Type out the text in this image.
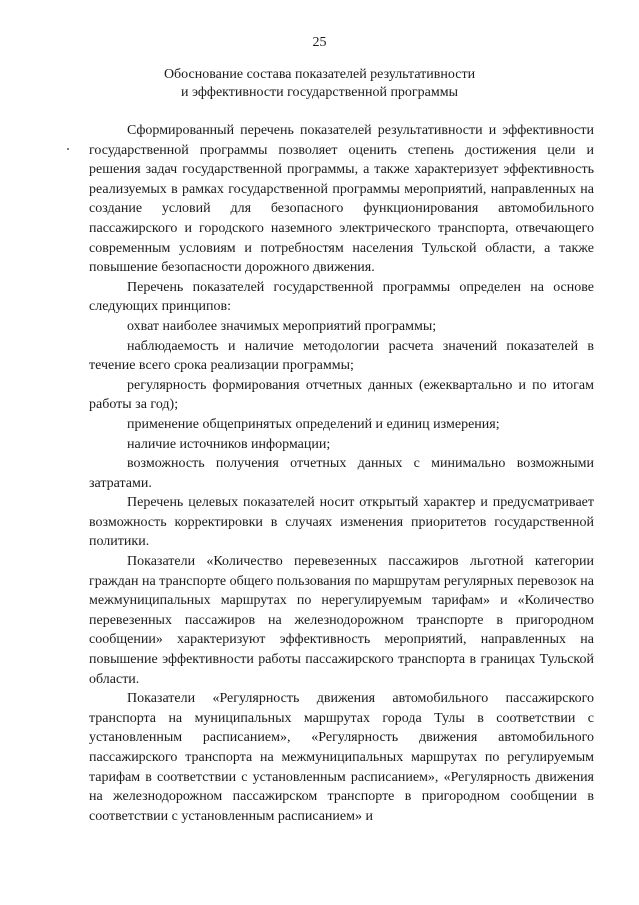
25
Обоснование состава показателей результативности
и эффективности государственной программы

Сформированный перечень показателей результативности и эффективности государственной программы позволяет оценить степень достижения цели и решения задач государственной программы, а также характеризует эффективность реализуемых в рамках государственной программы мероприятий, направленных на создание условий для безопасного функционирования автомобильного пассажирского и городского наземного электрического транспорта, отвечающего современным условиям и потребностям населения Тульской области, а также повышение безопасности дорожного движения.

Перечень показателей государственной программы определен на основе следующих принципов:

охват наиболее значимых мероприятий программы;

наблюдаемость и наличие методологии расчета значений показателей в течение всего срока реализации программы;

регулярность формирования отчетных данных (ежеквартально и по итогам работы за год);

применение общепринятых определений и единиц измерения;

наличие источников информации;

возможность получения отчетных данных с минимально возможными затратами.

Перечень целевых показателей носит открытый характер и предусматривает возможность корректировки в случаях изменения приоритетов государственной политики.

Показатели «Количество перевезенных пассажиров льготной категории граждан на транспорте общего пользования по маршрутам регулярных перевозок на межмуниципальных маршрутах по нерегулируемым тарифам» и «Количество перевезенных пассажиров на железнодорожном транспорте в пригородном сообщении» характеризуют эффективность мероприятий, направленных на повышение эффективности работы пассажирского транспорта в границах Тульской области.

Показатели «Регулярность движения автомобильного пассажирского транспорта на муниципальных маршрутах города Тулы в соответствии с установленным расписанием», «Регулярность движения автомобильного пассажирского транспорта на межмуниципальных маршрутах по регулируемым тарифам в соответствии с установленным расписанием», «Регулярность движения на железнодорожном пассажирском транспорте в пригородном сообщении в соответствии с установленным расписанием» и
